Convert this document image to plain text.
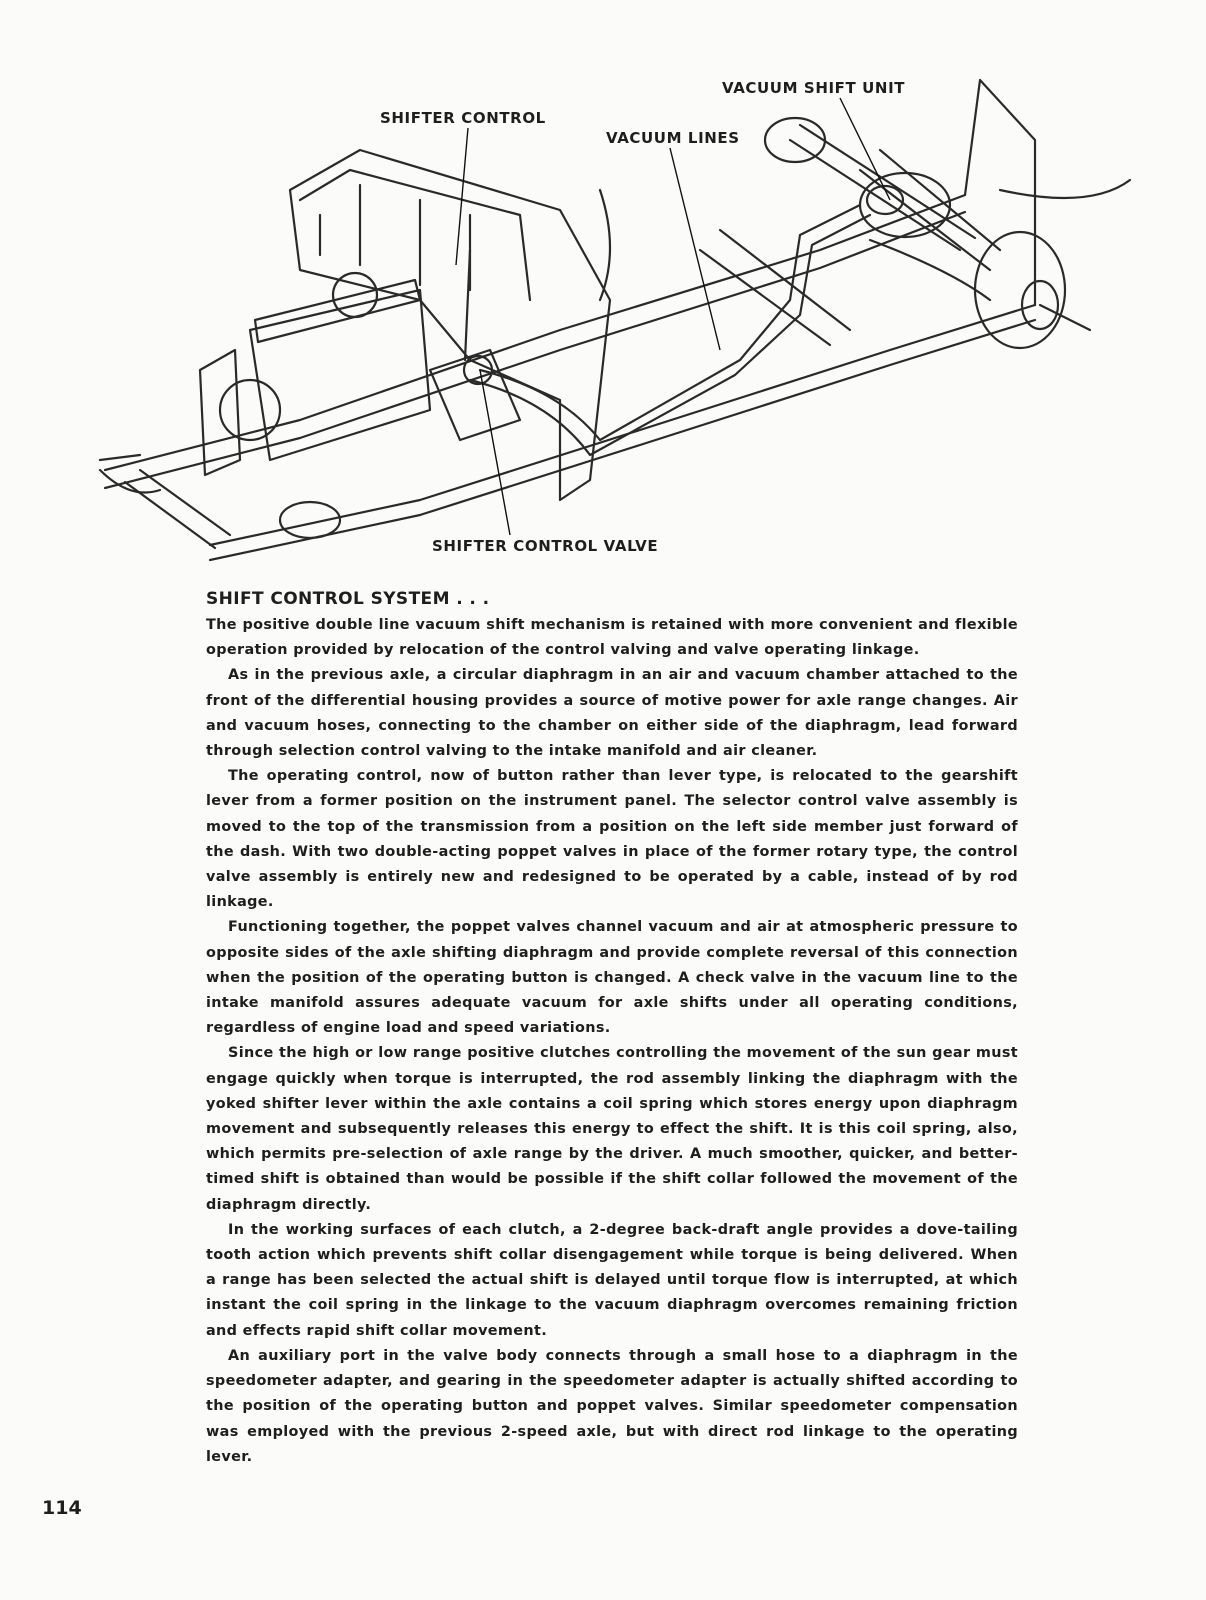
VACUUM SHIFT UNIT
SHIFTER CONTROL
VACUUM LINES
SHIFTER CONTROL VALVE
SHIFT CONTROL SYSTEM . . .

The positive double line vacuum shift mechanism is retained with more convenient and flexible operation provided by relocation of the control valving and valve operating linkage.

As in the previous axle, a circular diaphragm in an air and vacuum chamber attached to the front of the differential housing provides a source of motive power for axle range changes. Air and vacuum hoses, connecting to the chamber on either side of the diaphragm, lead forward through selection control valving to the intake manifold and air cleaner.

The operating control, now of button rather than lever type, is relocated to the gearshift lever from a former position on the instrument panel. The selector control valve assembly is moved to the top of the transmission from a position on the left side member just forward of the dash. With two double-acting poppet valves in place of the former rotary type, the control valve assembly is entirely new and redesigned to be operated by a cable, instead of by rod linkage.

Functioning together, the poppet valves channel vacuum and air at atmospheric pressure to opposite sides of the axle shifting diaphragm and provide complete reversal of this connection when the position of the operating button is changed. A check valve in the vacuum line to the intake manifold assures adequate vacuum for axle shifts under all operating conditions, regardless of engine load and speed variations.

Since the high or low range positive clutches controlling the movement of the sun gear must engage quickly when torque is interrupted, the rod assembly linking the diaphragm with the yoked shifter lever within the axle contains a coil spring which stores energy upon diaphragm movement and subsequently releases this energy to effect the shift. It is this coil spring, also, which permits pre-selection of axle range by the driver. A much smoother, quicker, and better-timed shift is obtained than would be possible if the shift collar followed the movement of the diaphragm directly.

In the working surfaces of each clutch, a 2-degree back-draft angle provides a dove-tailing tooth action which prevents shift collar disengagement while torque is being delivered. When a range has been selected the actual shift is delayed until torque flow is interrupted, at which instant the coil spring in the linkage to the vacuum diaphragm overcomes remaining friction and effects rapid shift collar movement.

An auxiliary port in the valve body connects through a small hose to a diaphragm in the speedometer adapter, and gearing in the speedometer adapter is actually shifted according to the position of the operating button and poppet valves. Similar speedometer compensation was employed with the previous 2-speed axle, but with direct rod linkage to the operating lever.

114
